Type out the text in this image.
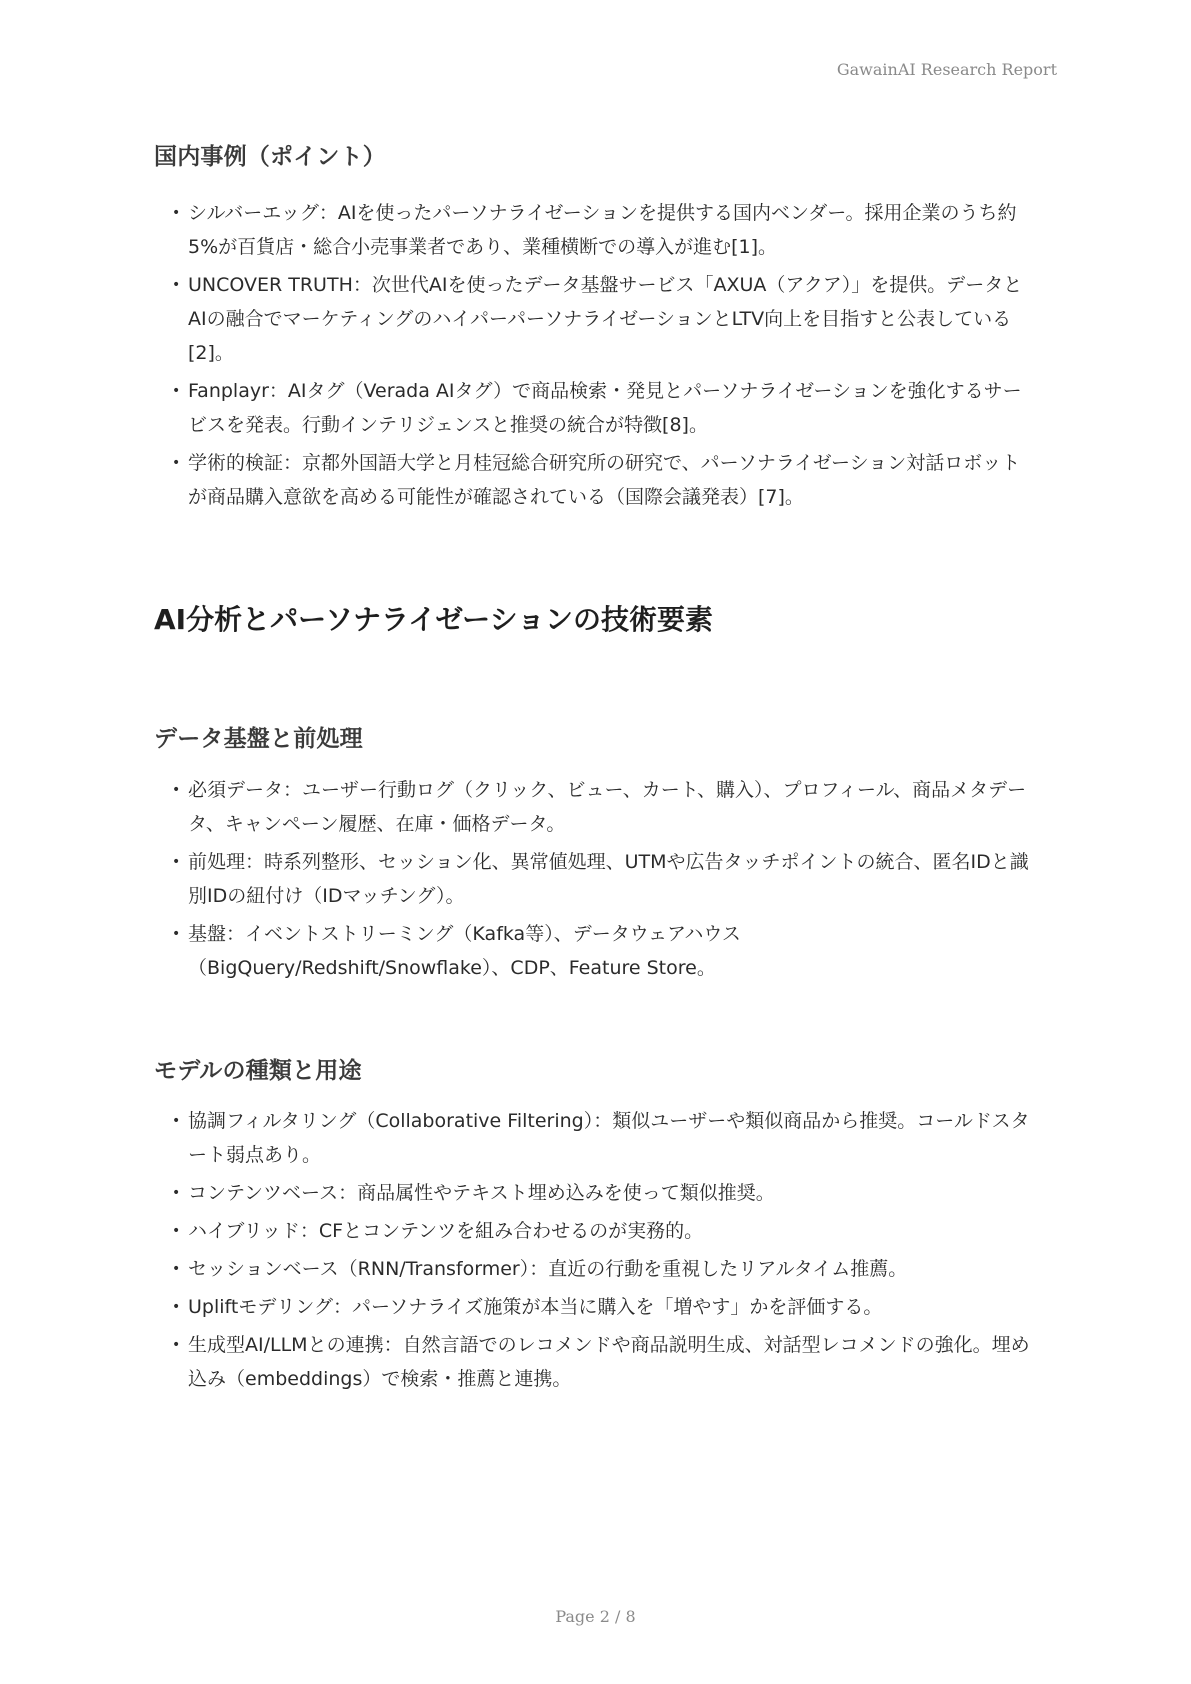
GawainAI Research Report
国内事例（ポイント）
• シルバーエッグ：AIを使ったパーソナライゼーションを提供する国内ベンダー。採用企業のうち約5%が百貨店・総合小売事業者であり、業種横断での導入が進む[1]。
• UNCOVER TRUTH：次世代AIを使ったデータ基盤サービス「AXUA（アクア）」を提供。データとAIの融合でマーケティングのハイパーパーソナライゼーションとLTV向上を目指すと公表している[2]。
• Fanplayr：AIタグ（Verada AIタグ）で商品検索・発見とパーソナライゼーションを強化するサービスを発表。行動インテリジェンスと推奨の統合が特徴[8]。
• 学術的検証：京都外国語大学と月桂冠総合研究所の研究で、パーソナライゼーション対話ロボットが商品購入意欲を高める可能性が確認されている（国際会議発表）[7]。
AI分析とパーソナライゼーションの技術要素
データ基盤と前処理
• 必須データ：ユーザー行動ログ（クリック、ビュー、カート、購入）、プロフィール、商品メタデータ、キャンペーン履歴、在庫・価格データ。
• 前処理：時系列整形、セッション化、異常値処理、UTMや広告タッチポイントの統合、匿名IDと識別IDの紐付け（IDマッチング）。
• 基盤：イベントストリーミング（Kafka等）、データウェアハウス（BigQuery/Redshift/Snowflake）、CDP、Feature Store。
モデルの種類と用途
• 協調フィルタリング（Collaborative Filtering）：類似ユーザーや類似商品から推奨。コールドスタート弱点あり。
• コンテンツベース：商品属性やテキスト埋め込みを使って類似推奨。
• ハイブリッド：CFとコンテンツを組み合わせるのが実務的。
• セッションベース（RNN/Transformer）：直近の行動を重視したリアルタイム推薦。
• Upliftモデリング：パーソナライズ施策が本当に購入を「増やす」かを評価する。
• 生成型AI/LLMとの連携：自然言語でのレコメンドや商品説明生成、対話型レコメンドの強化。埋め込み（embeddings）で検索・推薦と連携。
Page 2 / 8
